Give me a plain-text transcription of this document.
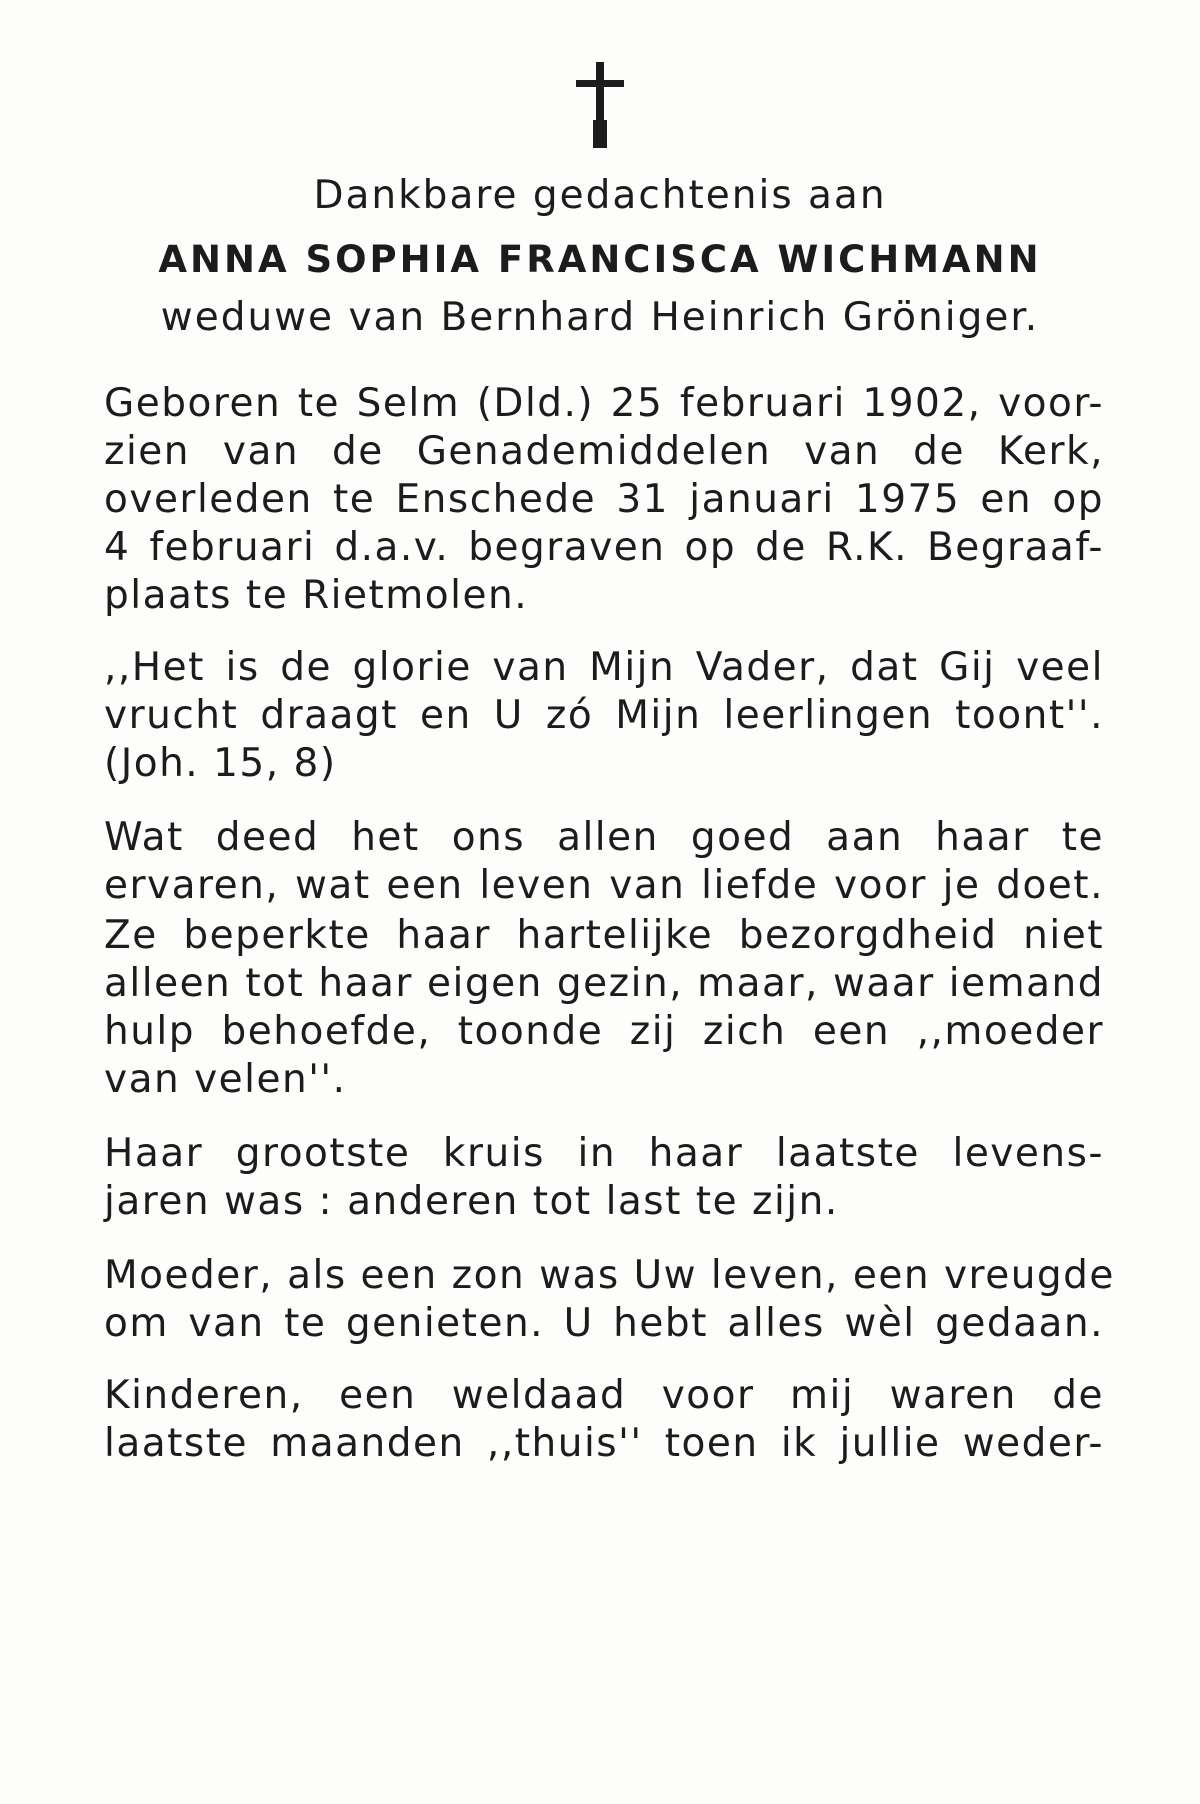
Dankbare gedachtenis aan
ANNA SOPHIA FRANCISCA WICHMANN
weduwe van Bernhard Heinrich Gröniger.
Geboren te Selm (Dld.) 25 februari 1902, voor-
zien van de Genademiddelen van de Kerk,
overleden te Enschede 31 januari 1975 en op
4 februari d.a.v. begraven op de R.K. Begraaf-
plaats te Rietmolen.
,,Het is de glorie van Mijn Vader, dat Gij veel
vrucht draagt en U zó Mijn leerlingen toont''.
(Joh. 15, 8)
Wat deed het ons allen goed aan haar te
ervaren, wat een leven van liefde voor je doet.
Ze beperkte haar hartelijke bezorgdheid niet
alleen tot haar eigen gezin, maar, waar iemand
hulp behoefde, toonde zij zich een ,,moeder
van velen''.
Haar grootste kruis in haar laatste levens-
jaren was : anderen tot last te zijn.
Moeder, als een zon was Uw leven, een vreugde
om van te genieten. U hebt alles wèl gedaan.
Kinderen, een weldaad voor mij waren de
laatste maanden ,,thuis'' toen ik jullie weder-
